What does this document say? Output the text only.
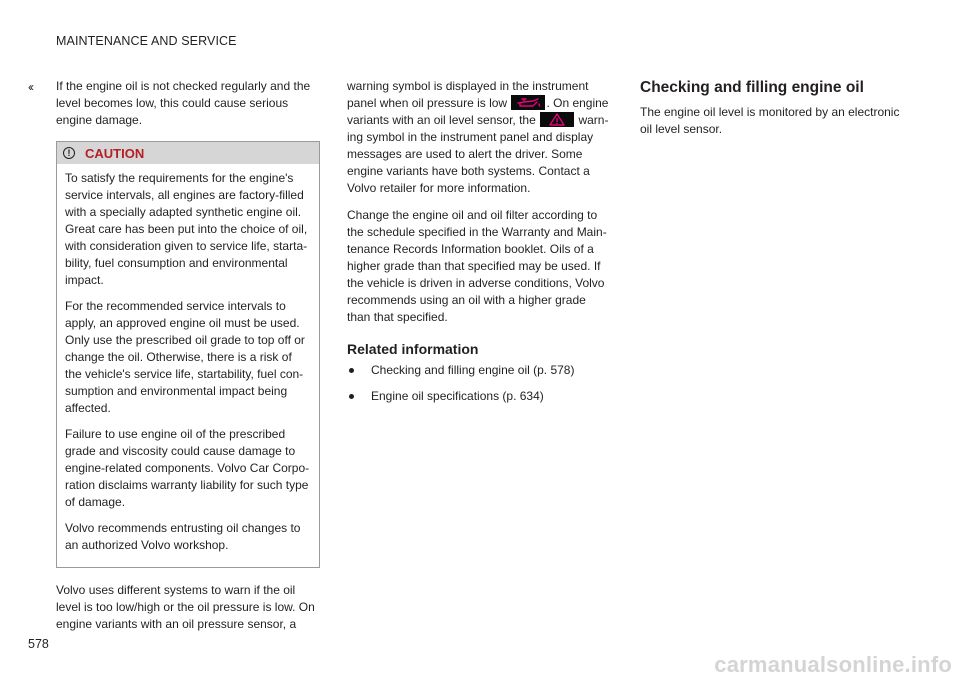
MAINTENANCE AND SERVICE
‹‹ If the engine oil is not checked regularly and the level becomes low, this could cause serious engine damage.

!	CAUTION

To satisfy the requirements for the engine's service intervals, all engines are factory-filled with a specially adapted synthetic engine oil. Great care has been put into the choice of oil, with consideration given to service life, starta-bility, fuel consumption and environmental impact.

For the recommended service intervals to apply, an approved engine oil must be used. Only use the prescribed oil grade to top off or change the oil. Otherwise, there is a risk of the vehicle's service life, startability, fuel con-sumption and environmental impact being affected.

Failure to use engine oil of the prescribed grade and viscosity could cause damage to engine-related components. Volvo Car Corpo-ration disclaims warranty liability for such type of damage.

Volvo recommends entrusting oil changes to an authorized Volvo workshop.

Volvo uses different systems to warn if the oil level is too low/high or the oil pressure is low. On engine variants with an oil pressure sensor, a

warning symbol is displayed in the instrument panel when oil pressure is low	. On engine variants with an oil level sensor, the	warn-ing symbol in the instrument panel and display messages are used to alert the driver. Some engine variants have both systems. Contact a Volvo retailer for more information.

Change the engine oil and oil filter according to the schedule specified in the Warranty and Main-tenance Records Information booklet. Oils of a higher grade than that specified may be used. If the vehicle is driven in adverse conditions, Volvo recommends using an oil with a higher grade than that specified.

Related information
Checking and filling engine oil (p. 578)
Engine oil specifications (p. 634)
Checking and filling engine oil

The engine oil level is monitored by an electronic oil level sensor.

578
carmanualsonline.info
